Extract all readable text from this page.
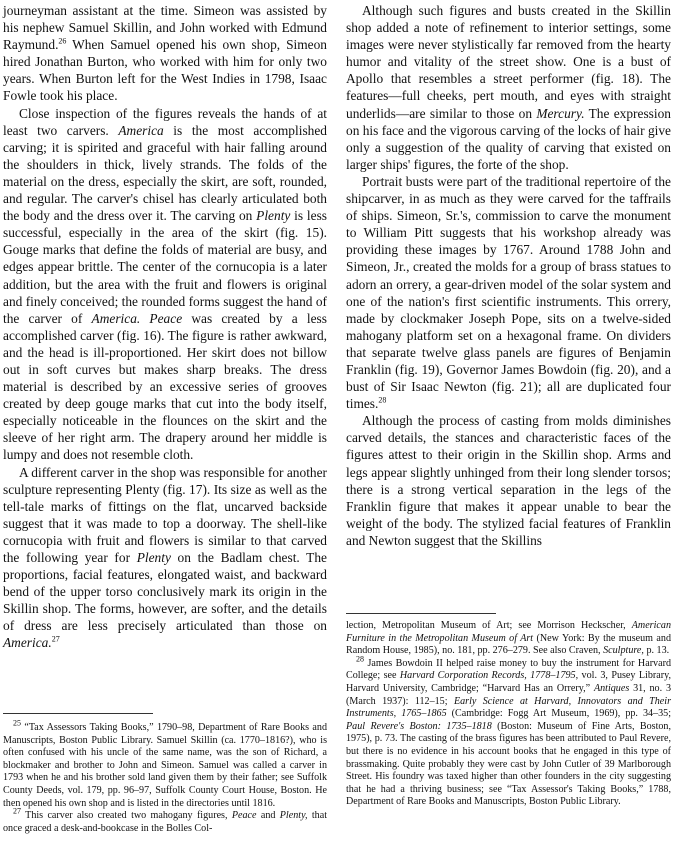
journeyman assistant at the time. Simeon was assisted by his nephew Samuel Skillin, and John worked with Edmund Raymund.$^{26}$ When Samuel opened his own shop, Simeon hired Jonathan Burton, who worked with him for only two years. When Burton left for the West Indies in 1798, Isaac Fowle took his place.

Close inspection of the figures reveals the hands of at least two carvers. America is the most accomplished carving; it is spirited and graceful with hair falling around the shoulders in thick, lively strands. The folds of the material on the dress, especially the skirt, are soft, rounded, and regular. The carver's chisel has clearly articulated both the body and the dress over it. The carving on Plenty is less successful, especially in the area of the skirt (fig. 15). Gouge marks that define the folds of material are busy, and edges appear brittle. The center of the cornucopia is a later addition, but the area with the fruit and flowers is original and finely conceived; the rounded forms suggest the hand of the carver of America. Peace was created by a less accomplished carver (fig. 16). The figure is rather awkward, and the head is ill-proportioned. Her skirt does not billow out in soft curves but makes sharp breaks. The dress material is described by an excessive series of grooves created by deep gouge marks that cut into the body itself, especially noticeable in the flounces on the skirt and the sleeve of her right arm. The drapery around her middle is lumpy and does not resemble cloth.

A different carver in the shop was responsible for another sculpture representing Plenty (fig. 17). Its size as well as the tell-tale marks of fittings on the flat, uncarved backside suggest that it was made to top a doorway. The shell-like cornucopia with fruit and flowers is similar to that carved the following year for Plenty on the Badlam chest. The proportions, facial features, elongated waist, and backward bend of the upper torso conclusively mark its origin in the Skillin shop. The forms, however, are softer, and the details of dress are less precisely articulated than those on America.$^{27}$

$^{25}$ “Tax Assessors Taking Books,” 1790–98, Department of Rare Books and Manuscripts, Boston Public Library. Samuel Skillin (ca. 1770–1816?), who is often confused with his uncle of the same name, was the son of Richard, a blockmaker and brother to John and Simeon. Samuel was called a carver in 1793 when he and his brother sold land given them by their father; see Suffolk County Deeds, vol. 179, pp. 96–97, Suffolk County Court House, Boston. He then opened his own shop and is listed in the directories until 1816.

$^{27}$ This carver also created two mahogany figures, Peace and Plenty, that once graced a desk-and-bookcase in the Bolles Col-

Although such figures and busts created in the Skillin shop added a note of refinement to interior settings, some images were never stylistically far removed from the hearty humor and vitality of the street show. One is a bust of Apollo that resembles a street performer (fig. 18). The features—full cheeks, pert mouth, and eyes with straight underlids—are similar to those on Mercury. The expression on his face and the vigorous carving of the locks of hair give only a suggestion of the quality of carving that existed on larger ships' figures, the forte of the shop.

Portrait busts were part of the traditional repertoire of the shipcarver, in as much as they were carved for the taffrails of ships. Simeon, Sr.'s, commission to carve the monument to William Pitt suggests that his workshop already was providing these images by 1767. Around 1788 John and Simeon, Jr., created the molds for a group of brass statues to adorn an orrery, a gear-driven model of the solar system and one of the nation's first scientific instruments. This orrery, made by clockmaker Joseph Pope, sits on a twelve-sided mahogany platform set on a hexagonal frame. On dividers that separate twelve glass panels are figures of Benjamin Franklin (fig. 19), Governor James Bowdoin (fig. 20), and a bust of Sir Isaac Newton (fig. 21); all are duplicated four times.$^{28}$

Although the process of casting from molds diminishes carved details, the stances and characteristic faces of the figures attest to their origin in the Skillin shop. Arms and legs appear slightly unhinged from their long slender torsos; there is a strong vertical separation in the legs of the Franklin figure that makes it appear unable to bear the weight of the body. The stylized facial features of Franklin and Newton suggest that the Skillins

lection, Metropolitan Museum of Art; see Morrison Heckscher, American Furniture in the Metropolitan Museum of Art (New York: By the museum and Random House, 1985), no. 181, pp. 276–279. See also Craven, Sculpture, p. 13.

$^{28}$ James Bowdoin II helped raise money to buy the instrument for Harvard College; see Harvard Corporation Records, 1778–1795, vol. 3, Pusey Library, Harvard University, Cambridge; “Harvard Has an Orrery,” Antiques 31, no. 3 (March 1937): 112–15; Early Science at Harvard, Innovators and Their Instruments, 1765–1865 (Cambridge: Fogg Art Museum, 1969), pp. 34–35; Paul Revere's Boston: 1735–1818 (Boston: Museum of Fine Arts, Boston, 1975), p. 73. The casting of the brass figures has been attributed to Paul Revere, but there is no evidence in his account books that he engaged in this type of brassmaking. Quite probably they were cast by John Cutler of 39 Marlborough Street. His foundry was taxed higher than other founders in the city suggesting that he had a thriving business; see “Tax Assessor's Taking Books,” 1788, Department of Rare Books and Manuscripts, Boston Public Library.
